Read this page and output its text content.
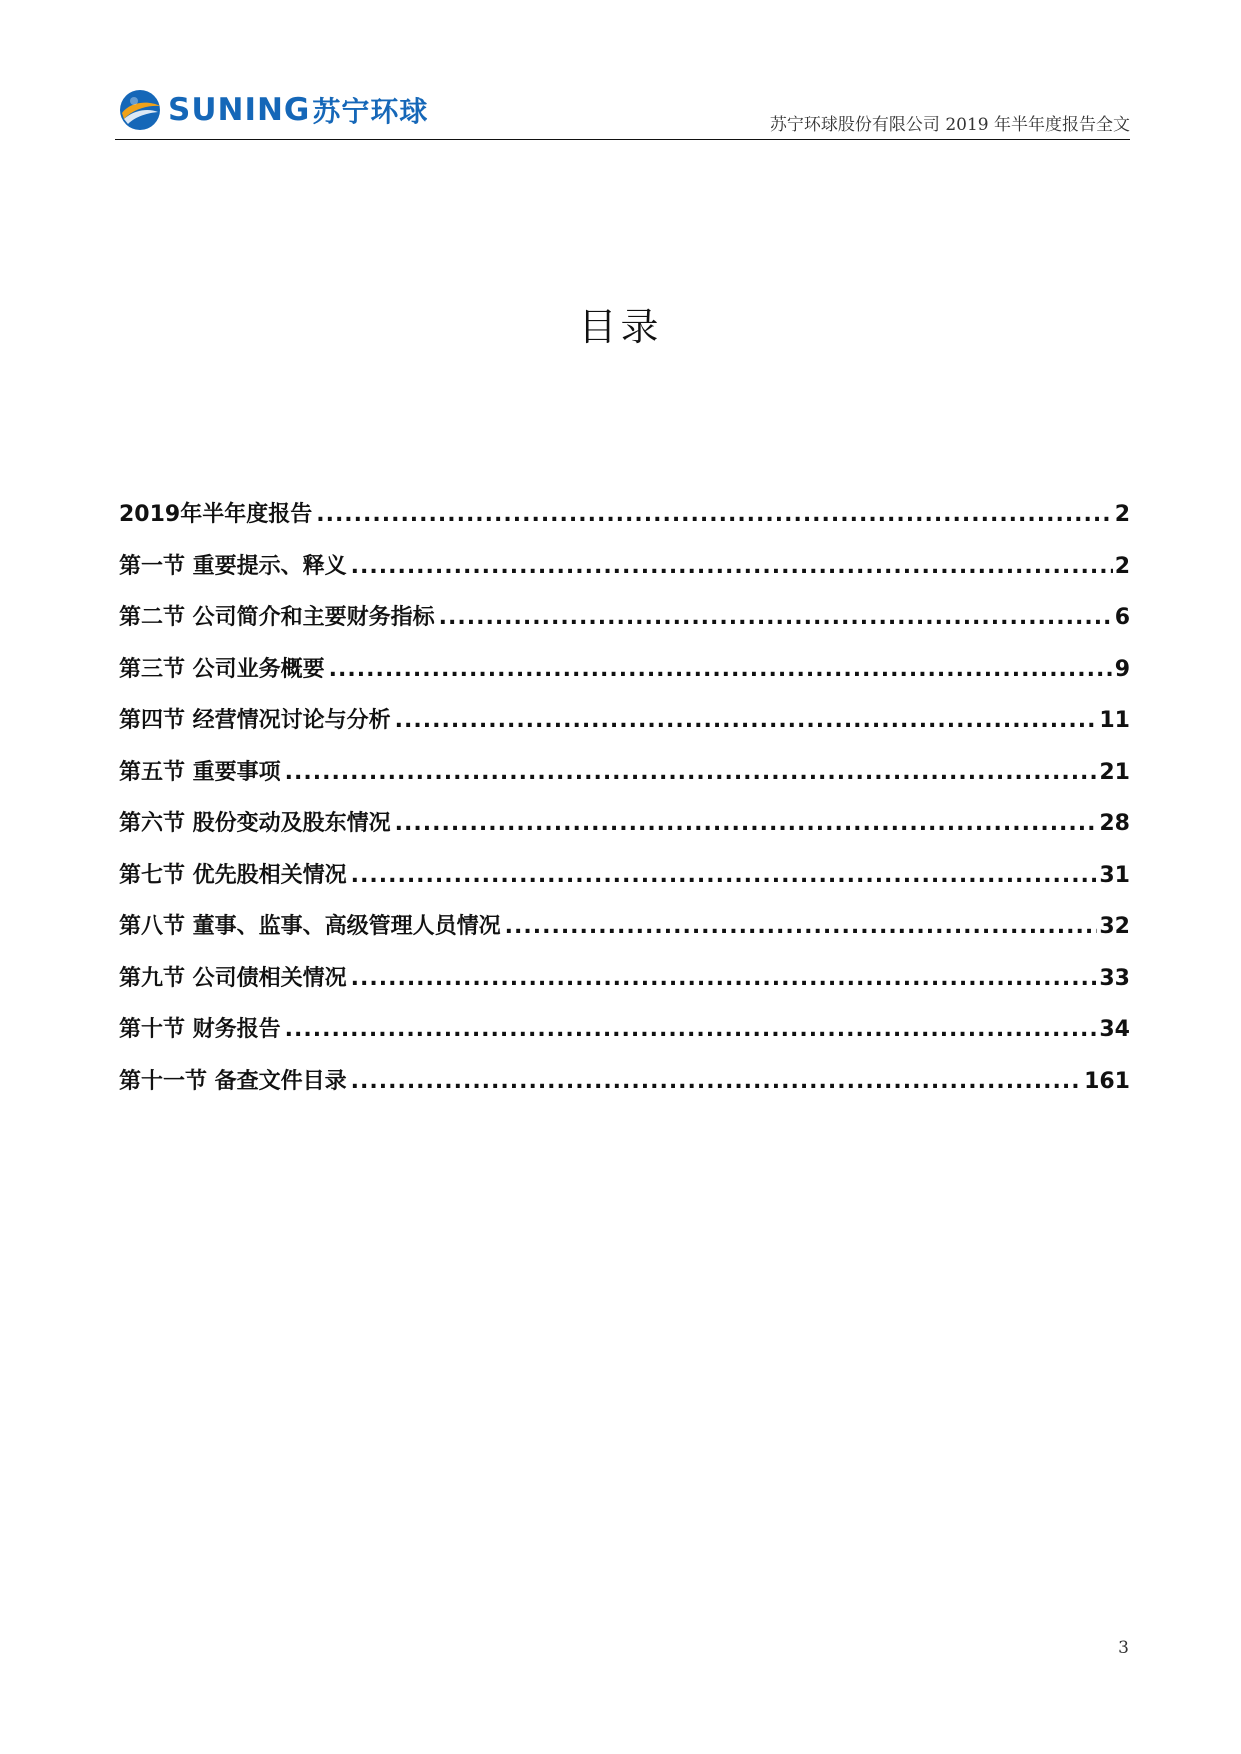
SUNING 苏宁环球	苏宁环球股份有限公司 2019 年半年度报告全文
目录
2019年半年度报告 .....	2
第一节 重要提示、释义 .....	2
第二节 公司简介和主要财务指标 .....	6
第三节 公司业务概要 .....	9
第四节 经营情况讨论与分析 .....	11
第五节 重要事项 .....	21
第六节 股份变动及股东情况 .....	28
第七节 优先股相关情况 .....	31
第八节 董事、监事、高级管理人员情况 .....	32
第九节 公司债相关情况 .....	33
第十节 财务报告 .....	34
第十一节 备查文件目录 .....	161
3
